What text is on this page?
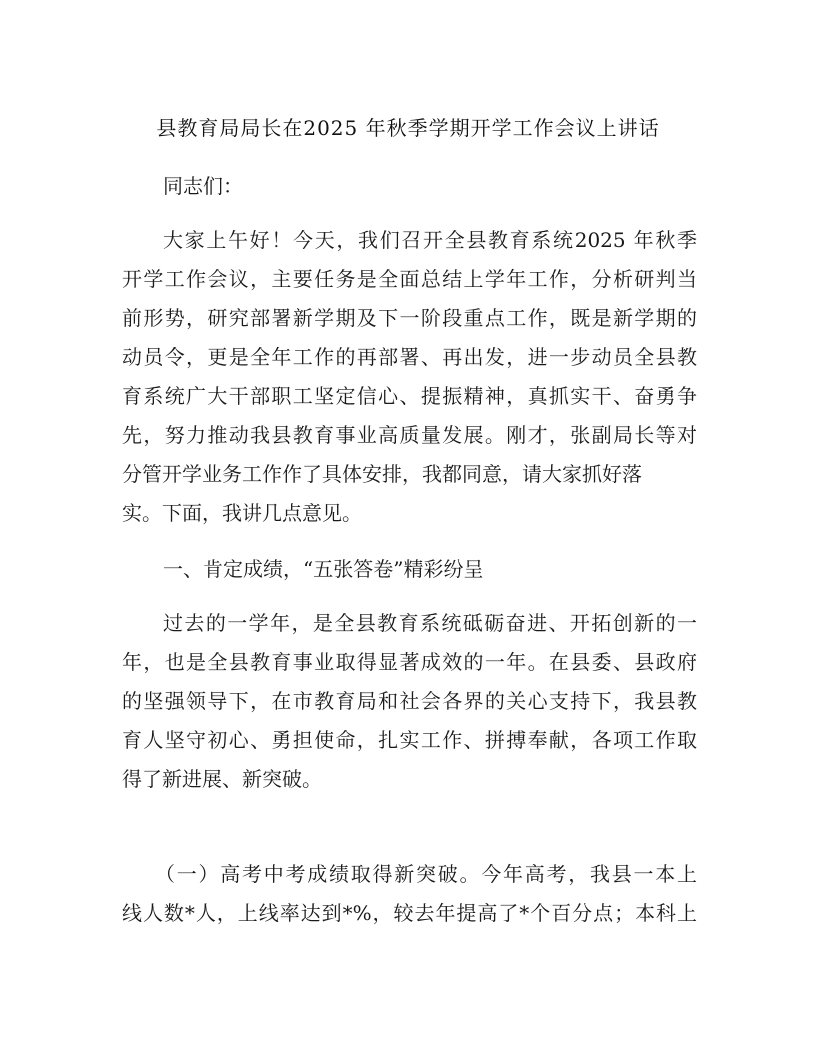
县教育局局长在2025 年秋季学期开学工作会议上讲话
同志们：
大家上午好！今天，我们召开全县教育系统2025 年秋季
开学工作会议，主要任务是全面总结上学年工作，分析研判当
前形势，研究部署新学期及下一阶段重点工作，既是新学期的
动员令，更是全年工作的再部署、再出发，进一步动员全县教
育系统广大干部职工坚定信心、提振精神，真抓实干、奋勇争
先，努力推动我县教育事业高质量发展。刚才，张副局长等对
分管开学业务工作作了具体安排，我都同意，请大家抓好落
实。下面，我讲几点意见。
一、肯定成绩，“五张答卷”精彩纷呈
过去的一学年，是全县教育系统砥砺奋进、开拓创新的一
年，也是全县教育事业取得显著成效的一年。在县委、县政府
的坚强领导下，在市教育局和社会各界的关心支持下，我县教
育人坚守初心、勇担使命，扎实工作、拼搏奉献，各项工作取
得了新进展、新突破。
（一）高考中考成绩取得新突破。今年高考，我县一本上
线人数*人，上线率达到*%，较去年提高了*个百分点；本科上
